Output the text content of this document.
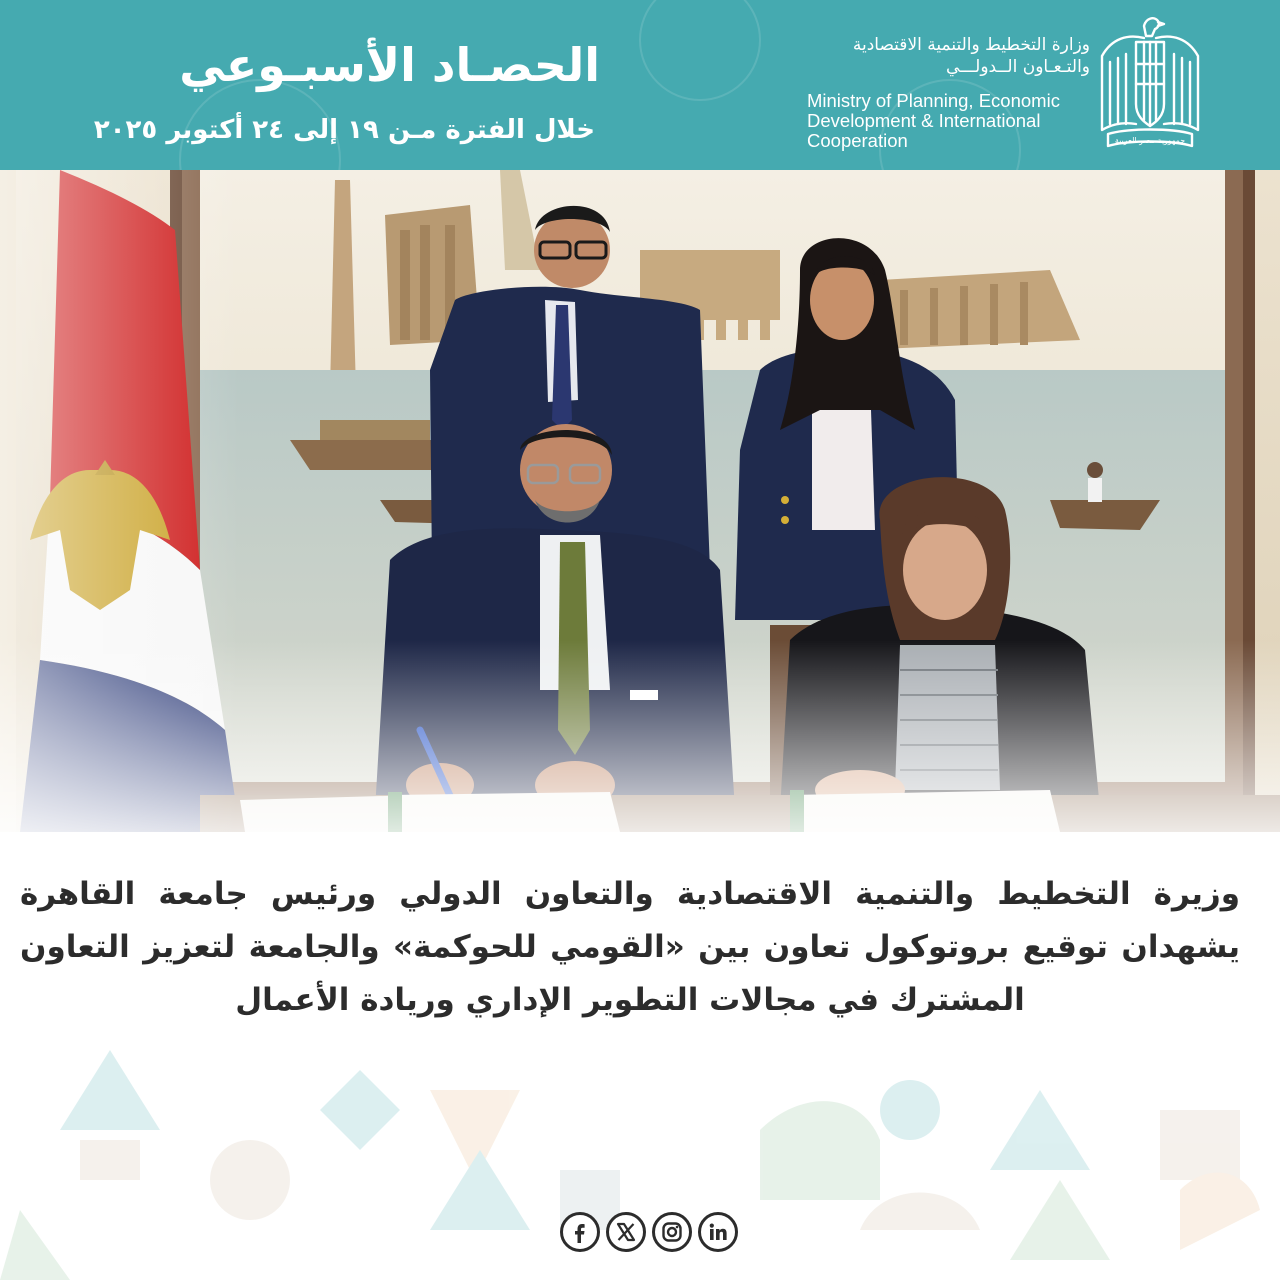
الحصـاد الأسبـوعي
خلال الفترة مـن ١٩ إلى ٢٤ أكتوبر ٢٠٢٥
وزارة التخطيط والتنمية الاقتصادية
والتـعـاون الــدولـــي
Ministry of Planning, Economic
Development & International
Cooperation	جمهورية مصر العربية
وزيرة التخطيط والتنمية الاقتصادية والتعاون الدولي ورئيس جامعة القاهرة يشهدان توقيع بروتوكول تعاون بين «القومي للحوكمة» والجامعة لتعزيز التعاون المشترك في مجالات التطوير الإداري وريادة الأعمال
